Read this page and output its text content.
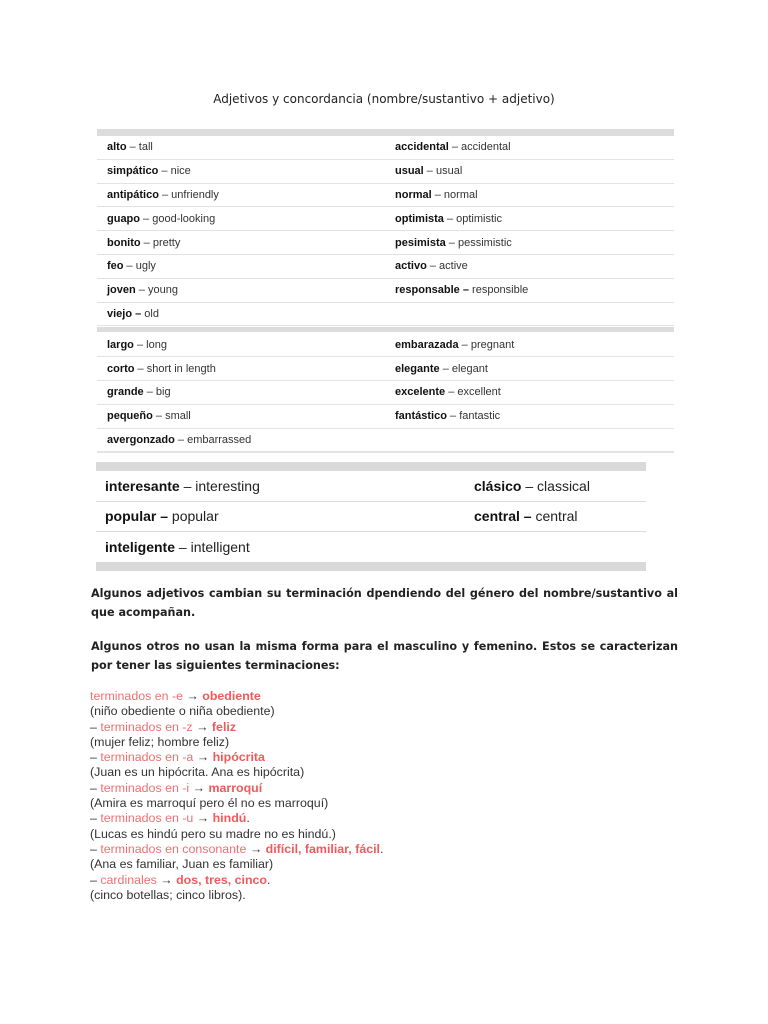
Adjetivos y concordancia (nombre/sustantivo + adjetivo)
alto – tall	accidental – accidental
simpático – nice	usual – usual
antipático – unfriendly	normal – normal
guapo – good-looking	optimista – optimistic
bonito – pretty	pesimista – pessimistic
feo – ugly	activo – active
joven – young	responsable – responsible
viejo – old
largo – long	embarazada – pregnant
corto – short in length	elegante – elegant
grande – big	excelente – excellent
pequeño – small	fantástico – fantastic
avergonzado – embarrassed
interesante – interesting	clásico – classical
popular – popular	central – central
inteligente – intelligent
Algunos adjetivos cambian su terminación dpendiendo del género del nombre/sustantivo al que acompañan.
Algunos otros no usan la misma forma para el masculino y femenino. Estos se caracterizan por tener las siguientes terminaciones:
terminados en -e → obediente
(niño obediente o niña obediente)
– terminados en -z → feliz
(mujer feliz; hombre feliz)
– terminados en -a → hipócrita
(Juan es un hipócrita. Ana es hipócrita)
– terminados en -i → marroquí
(Amira es marroquí pero él no es marroquí)
– terminados en -u → hindú.
(Lucas es hindú pero su madre no es hindú.)
– terminados en consonante → difícil, familiar, fácil.
(Ana es familiar, Juan es familiar)
– cardinales → dos, tres, cinco.
(cinco botellas; cinco libros).
